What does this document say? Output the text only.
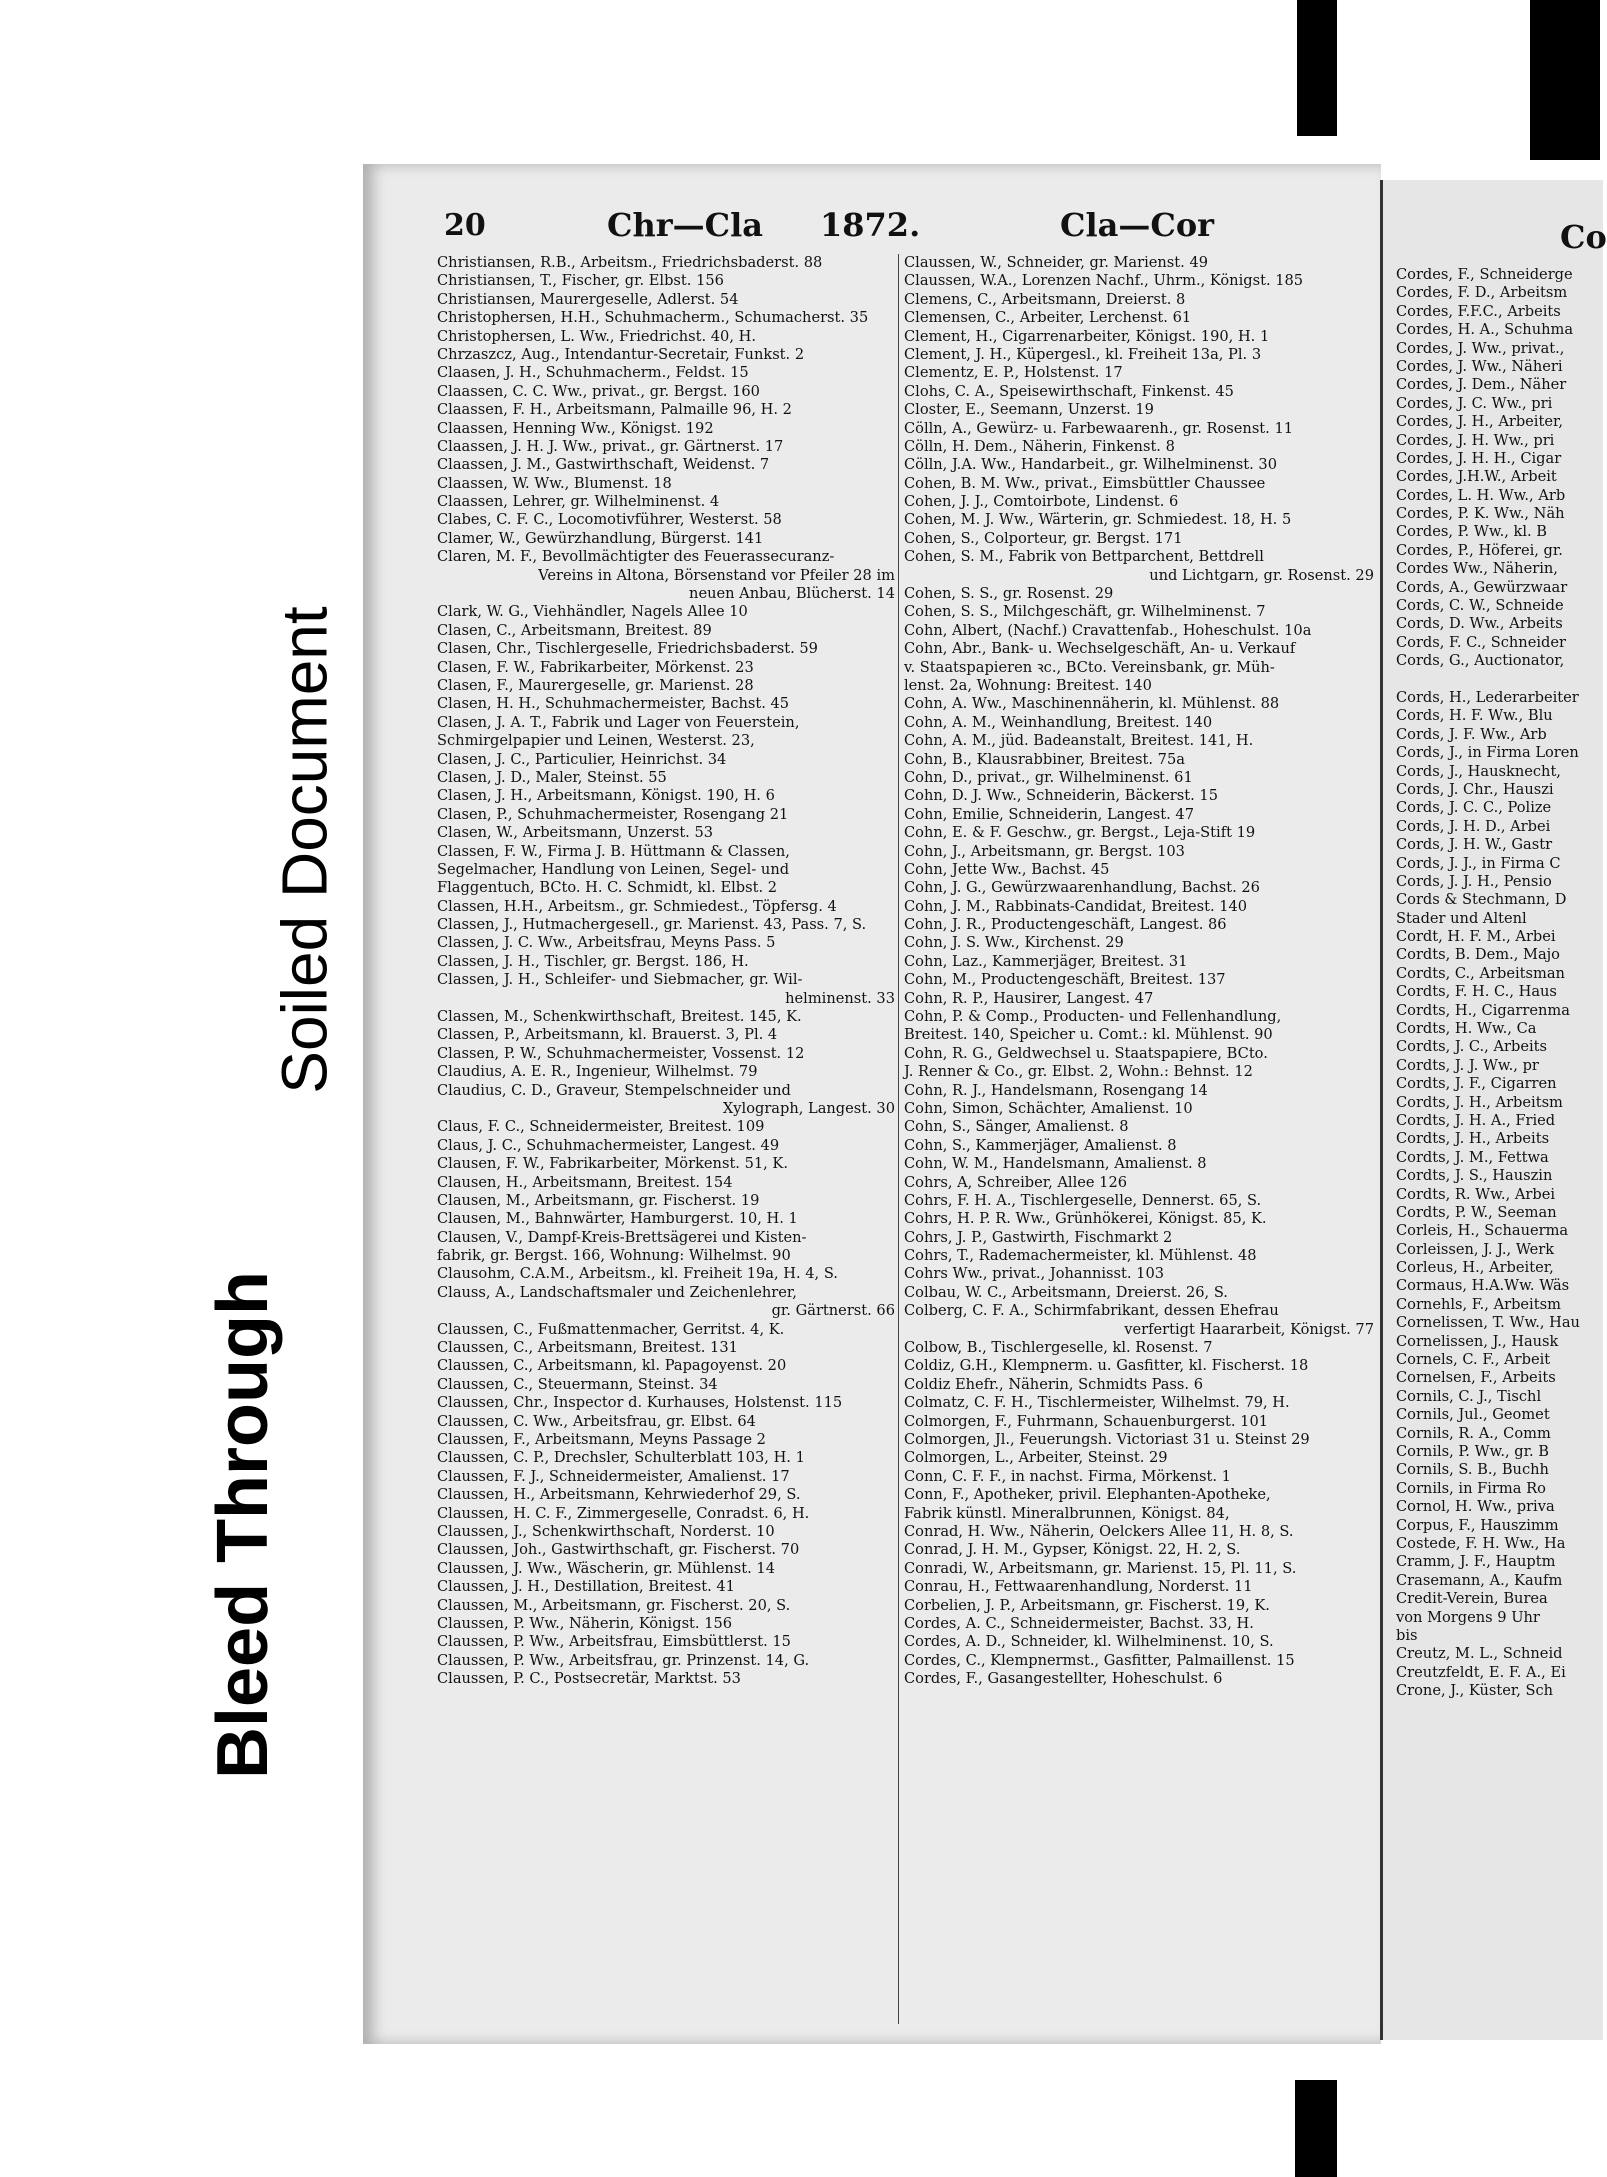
Soiled Document
Bleed Through
20	Chr—Cla 1872.	Cla—Cor	Co
Christiansen, R.B., Arbeitsm., Friedrichsbaderst. 88
Christiansen, T., Fischer, gr. Elbst. 156
Christiansen, Maurergeselle, Adlerst. 54
Christophersen, H.H., Schuhmacherm., Schumacherst. 35
Christophersen, L. Ww., Friedrichst. 40, H.
Chrzaszcz, Aug., Intendantur-Secretair, Funkst. 2
Claasen, J. H., Schuhmacherm., Feldst. 15
Claassen, C. C. Ww., privat., gr. Bergst. 160
Claassen, F. H., Arbeitsmann, Palmaille 96, H. 2
Claassen, Henning Ww., Königst. 192
Claassen, J. H. J. Ww., privat., gr. Gärtnerst. 17
Claassen, J. M., Gastwirthschaft, Weidenst. 7
Claassen, W. Ww., Blumenst. 18
Claassen, Lehrer, gr. Wilhelminenst. 4
Clabes, C. F. C., Locomotivführer, Westerst. 58
Clamer, W., Gewürzhandlung, Bürgerst. 141
Claren, M. F., Bevollmächtigter des Feuerassecuranz-
Vereins in Altona, Börsenstand vor Pfeiler 28 im
neuen Anbau, Blücherst. 14
Clark, W. G., Viehhändler, Nagels Allee 10
Clasen, C., Arbeitsmann, Breitest. 89
Clasen, Chr., Tischlergeselle, Friedrichsbaderst. 59
Clasen, F. W., Fabrikarbeiter, Mörkenst. 23
Clasen, F., Maurergeselle, gr. Marienst. 28
Clasen, H. H., Schuhmachermeister, Bachst. 45
Clasen, J. A. T., Fabrik und Lager von Feuerstein,
Schmirgelpapier und Leinen, Westerst. 23,
Clasen, J. C., Particulier, Heinrichst. 34
Clasen, J. D., Maler, Steinst. 55
Clasen, J. H., Arbeitsmann, Königst. 190, H. 6
Clasen, P., Schuhmachermeister, Rosengang 21
Clasen, W., Arbeitsmann, Unzerst. 53
Classen, F. W., Firma J. B. Hüttmann & Classen,
Segelmacher, Handlung von Leinen, Segel- und
Flaggentuch, BCto. H. C. Schmidt, kl. Elbst. 2
Classen, H.H., Arbeitsm., gr. Schmiedest., Töpfersg. 4
Classen, J., Hutmachergesell., gr. Marienst. 43, Pass. 7, S.
Classen, J. C. Ww., Arbeitsfrau, Meyns Pass. 5
Classen, J. H., Tischler, gr. Bergst. 186, H.
Classen, J. H., Schleifer- und Siebmacher, gr. Wil-
helminenst. 33
Classen, M., Schenkwirthschaft, Breitest. 145, K.
Classen, P., Arbeitsmann, kl. Brauerst. 3, Pl. 4
Classen, P. W., Schuhmachermeister, Vossenst. 12
Claudius, A. E. R., Ingenieur, Wilhelmst. 79
Claudius, C. D., Graveur, Stempelschneider und
Xylograph, Langest. 30
Claus, F. C., Schneidermeister, Breitest. 109
Claus, J. C., Schuhmachermeister, Langest. 49
Clausen, F. W., Fabrikarbeiter, Mörkenst. 51, K.
Clausen, H., Arbeitsmann, Breitest. 154
Clausen, M., Arbeitsmann, gr. Fischerst. 19
Clausen, M., Bahnwärter, Hamburgerst. 10, H. 1
Clausen, V., Dampf-Kreis-Brettsägerei und Kisten-
fabrik, gr. Bergst. 166, Wohnung: Wilhelmst. 90
Clausohm, C.A.M., Arbeitsm., kl. Freiheit 19a, H. 4, S.
Clauss, A., Landschaftsmaler und Zeichenlehrer,
gr. Gärtnerst. 66
Claussen, C., Fußmattenmacher, Gerritst. 4, K.
Claussen, C., Arbeitsmann, Breitest. 131
Claussen, C., Arbeitsmann, kl. Papagoyenst. 20
Claussen, C., Steuermann, Steinst. 34
Claussen, Chr., Inspector d. Kurhauses, Holstenst. 115
Claussen, C. Ww., Arbeitsfrau, gr. Elbst. 64
Claussen, F., Arbeitsmann, Meyns Passage 2
Claussen, C. P., Drechsler, Schulterblatt 103, H. 1
Claussen, F. J., Schneidermeister, Amalienst. 17
Claussen, H., Arbeitsmann, Kehrwiederhof 29, S.
Claussen, H. C. F., Zimmergeselle, Conradst. 6, H.
Claussen, J., Schenkwirthschaft, Norderst. 10
Claussen, Joh., Gastwirthschaft, gr. Fischerst. 70
Claussen, J. Ww., Wäscherin, gr. Mühlenst. 14
Claussen, J. H., Destillation, Breitest. 41
Claussen, M., Arbeitsmann, gr. Fischerst. 20, S.
Claussen, P. Ww., Näherin, Königst. 156
Claussen, P. Ww., Arbeitsfrau, Eimsbüttlerst. 15
Claussen, P. Ww., Arbeitsfrau, gr. Prinzenst. 14, G.
Claussen, P. C., Postsecretär, Marktst. 53
Claussen, W., Schneider, gr. Marienst. 49
Claussen, W.A., Lorenzen Nachf., Uhrm., Königst. 185
Clemens, C., Arbeitsmann, Dreierst. 8
Clemensen, C., Arbeiter, Lerchenst. 61
Clement, H., Cigarrenarbeiter, Königst. 190, H. 1
Clement, J. H., Küpergesl., kl. Freiheit 13a, Pl. 3
Clementz, E. P., Holstenst. 17
Clohs, C. A., Speisewirthschaft, Finkenst. 45
Closter, E., Seemann, Unzerst. 19
Cölln, A., Gewürz- u. Farbewaarenh., gr. Rosenst. 11
Cölln, H. Dem., Näherin, Finkenst. 8
Cölln, J.A. Ww., Handarbeit., gr. Wilhelminenst. 30
Cohen, B. M. Ww., privat., Eimsbüttler Chaussee
Cohen, J. J., Comtoirbote, Lindenst. 6
Cohen, M. J. Ww., Wärterin, gr. Schmiedest. 18, H. 5
Cohen, S., Colporteur, gr. Bergst. 171
Cohen, S. M., Fabrik von Bettparchent, Bettdrell
und Lichtgarn, gr. Rosenst. 29
Cohen, S. S., gr. Rosenst. 29
Cohen, S. S., Milchgeschäft, gr. Wilhelminenst. 7
Cohn, Albert, (Nachf.) Cravattenfab., Hoheschulst. 10a
Cohn, Abr., Bank- u. Wechselgeschäft, An- u. Verkauf
v. Staatspapieren ꝛc., BCto. Vereinsbank, gr. Müh-
lenst. 2a, Wohnung: Breitest. 140
Cohn, A. Ww., Maschinennäherin, kl. Mühlenst. 88
Cohn, A. M., Weinhandlung, Breitest. 140
Cohn, A. M., jüd. Badeanstalt, Breitest. 141, H.
Cohn, B., Klausrabbiner, Breitest. 75a
Cohn, D., privat., gr. Wilhelminenst. 61
Cohn, D. J. Ww., Schneiderin, Bäckerst. 15
Cohn, Emilie, Schneiderin, Langest. 47
Cohn, E. & F. Geschw., gr. Bergst., Leja-Stift 19
Cohn, J., Arbeitsmann, gr. Bergst. 103
Cohn, Jette Ww., Bachst. 45
Cohn, J. G., Gewürzwaarenhandlung, Bachst. 26
Cohn, J. M., Rabbinats-Candidat, Breitest. 140
Cohn, J. R., Productengeschäft, Langest. 86
Cohn, J. S. Ww., Kirchenst. 29
Cohn, Laz., Kammerjäger, Breitest. 31
Cohn, M., Productengeschäft, Breitest. 137
Cohn, R. P., Hausirer, Langest. 47
Cohn, P. & Comp., Producten- und Fellenhandlung,
Breitest. 140, Speicher u. Comt.: kl. Mühlenst. 90
Cohn, R. G., Geldwechsel u. Staatspapiere, BCto.
J. Renner & Co., gr. Elbst. 2, Wohn.: Behnst. 12
Cohn, R. J., Handelsmann, Rosengang 14
Cohn, Simon, Schächter, Amalienst. 10
Cohn, S., Sänger, Amalienst. 8
Cohn, S., Kammerjäger, Amalienst. 8
Cohn, W. M., Handelsmann, Amalienst. 8
Cohrs, A, Schreiber, Allee 126
Cohrs, F. H. A., Tischlergeselle, Dennerst. 65, S.
Cohrs, H. P. R. Ww., Grünhökerei, Königst. 85, K.
Cohrs, J. P., Gastwirth, Fischmarkt 2
Cohrs, T., Rademachermeister, kl. Mühlenst. 48
Cohrs Ww., privat., Johannisst. 103
Colbau, W. C., Arbeitsmann, Dreierst. 26, S.
Colberg, C. F. A., Schirmfabrikant, dessen Ehefrau
verfertigt Haararbeit, Königst. 77
Colbow, B., Tischlergeselle, kl. Rosenst. 7
Coldiz, G.H., Klempnerm. u. Gasfitter, kl. Fischerst. 18
Coldiz Ehefr., Näherin, Schmidts Pass. 6
Colmatz, C. F. H., Tischlermeister, Wilhelmst. 79, H.
Colmorgen, F., Fuhrmann, Schauenburgerst. 101
Colmorgen, Jl., Feuerungsh. Victoriast 31 u. Steinst 29
Colmorgen, L., Arbeiter, Steinst. 29
Conn, C. F. F., in nachst. Firma, Mörkenst. 1
Conn, F., Apotheker, privil. Elephanten-Apotheke,
Fabrik künstl. Mineralbrunnen, Königst. 84,
Conrad, H. Ww., Näherin, Oelckers Allee 11, H. 8, S.
Conrad, J. H. M., Gypser, Königst. 22, H. 2, S.
Conradi, W., Arbeitsmann, gr. Marienst. 15, Pl. 11, S.
Conrau, H., Fettwaarenhandlung, Norderst. 11
Corbelien, J. P., Arbeitsmann, gr. Fischerst. 19, K.
Cordes, A. C., Schneidermeister, Bachst. 33, H.
Cordes, A. D., Schneider, kl. Wilhelminenst. 10, S.
Cordes, C., Klempnermst., Gasfitter, Palmaillenst. 15
Cordes, F., Gasangestellter, Hoheschulst. 6
Cordes, F., Schneiderge
Cordes, F. D., Arbeitsm
Cordes, F.F.C., Arbeits
Cordes, H. A., Schuhma
Cordes, J. Ww., privat.,
Cordes, J. Ww., Näheri
Cordes, J. Dem., Näher
Cordes, J. C. Ww., pri
Cordes, J. H., Arbeiter,
Cordes, J. H. Ww., pri
Cordes, J. H. H., Cigar
Cordes, J.H.W., Arbeit
Cordes, L. H. Ww., Arb
Cordes, P. K. Ww., Näh
Cordes, P. Ww., kl. B
Cordes, P., Höferei, gr.
Cordes Ww., Näherin,
Cords, A., Gewürzwaar
Cords, C. W., Schneide
Cords, D. Ww., Arbeits
Cords, F. C., Schneider
Cords, G., Auctionator,
Cords, H., Lederarbeiter
Cords, H. F. Ww., Blu
Cords, J. F. Ww., Arb
Cords, J., in Firma Loren
Cords, J., Hausknecht,
Cords, J. Chr., Hauszi
Cords, J. C. C., Polize
Cords, J. H. D., Arbei
Cords, J. H. W., Gastr
Cords, J. J., in Firma C
Cords, J. J. H., Pensio
Cords & Stechmann, D
Stader und Altenl
Cordt, H. F. M., Arbei
Cordts, B. Dem., Majo
Cordts, C., Arbeitsman
Cordts, F. H. C., Haus
Cordts, H., Cigarrenma
Cordts, H. Ww., Ca
Cordts, J. C., Arbeits
Cordts, J. J. Ww., pr
Cordts, J. F., Cigarren
Cordts, J. H., Arbeitsm
Cordts, J. H. A., Fried
Cordts, J. H., Arbeits
Cordts, J. M., Fettwa
Cordts, J. S., Hauszin
Cordts, R. Ww., Arbei
Cordts, P. W., Seeman
Corleis, H., Schauerma
Corleissen, J. J., Werk
Corleus, H., Arbeiter,
Cormaus, H.A.Ww. Wäs
Cornehls, F., Arbeitsm
Cornelissen, T. Ww., Hau
Cornelissen, J., Hausk
Cornels, C. F., Arbeit
Cornelsen, F., Arbeits
Cornils, C. J., Tischl
Cornils, Jul., Geomet
Cornils, R. A., Comm
Cornils, P. Ww., gr. B
Cornils, S. B., Buchh
Cornils, in Firma Ro
Cornol, H. Ww., priva
Corpus, F., Hauszimm
Costede, F. H. Ww., Ha
Cramm, J. F., Hauptm
Crasemann, A., Kaufm
Credit-Verein, Burea
von Morgens 9 Uhr
bis
Creutz, M. L., Schneid
Creutzfeldt, E. F. A., Ei
Crone, J., Küster, Sch
